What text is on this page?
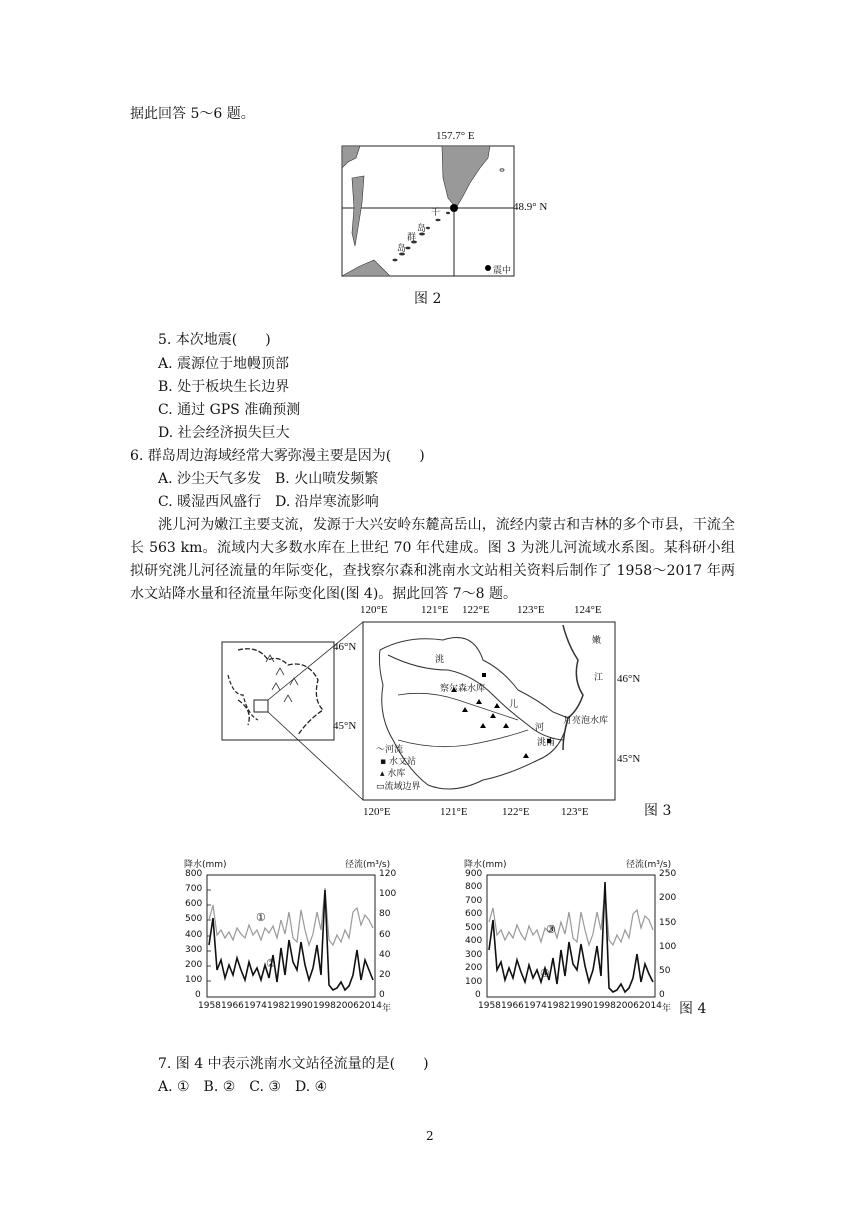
据此回答 5～6 题。
157.7° E
48.9° N
千
岛
群
岛
震中
图 2
5. 本次地震(　　)
A. 震源位于地幔顶部
B. 处于板块生长边界
C. 通过 GPS 准确预测
D. 社会经济损失巨大
6. 群岛周边海域经常大雾弥漫主要是因为(　　)
A. 沙尘天气多发　B. 火山喷发频繁
C. 暖湿西风盛行　D. 沿岸寒流影响
洮儿河为嫩江主要支流，发源于大兴安岭东麓高岳山，流经内蒙古和吉林的多个市县，干流全长 563 km。流域内大多数水库在上世纪 70 年代建成。图 3 为洮儿河流域水系图。某科研小组拟研究洮儿河径流量的年际变化，查找察尔森和洮南水文站相关资料后制作了 1958～2017 年两水文站降水量和径流量年际变化图(图 4)。据此回答 7～8 题。
120°E	121°E 122°E 123°E	124°E
120°E	121°E	122°E	123°E
46°N
45°N
46°N
45°N
洮
儿
河
嫩
江
察尔森水库
洮南
月亮泡水库
〜河流
▪ 水文站
▴ 水库
▭流域边界
图 3
降水(mm)	径流(m³/s)
800
700
600
500
400
300
200
100
0
120
100
80
60
40
20
0
1958 1966 1974 1982 1990 1998 2006 2014 年
①
②
降水(mm)	径流(m³/s)
900
800
700
600
500
400
300
200
100
0
250
200
150
100
50
0
1958 1966 1974 1982 1990 1998 2006 2014 年
③
④
图 4
7. 图 4 中表示洮南水文站径流量的是(　　)
A. ①　B. ②　C. ③　D. ④
2
